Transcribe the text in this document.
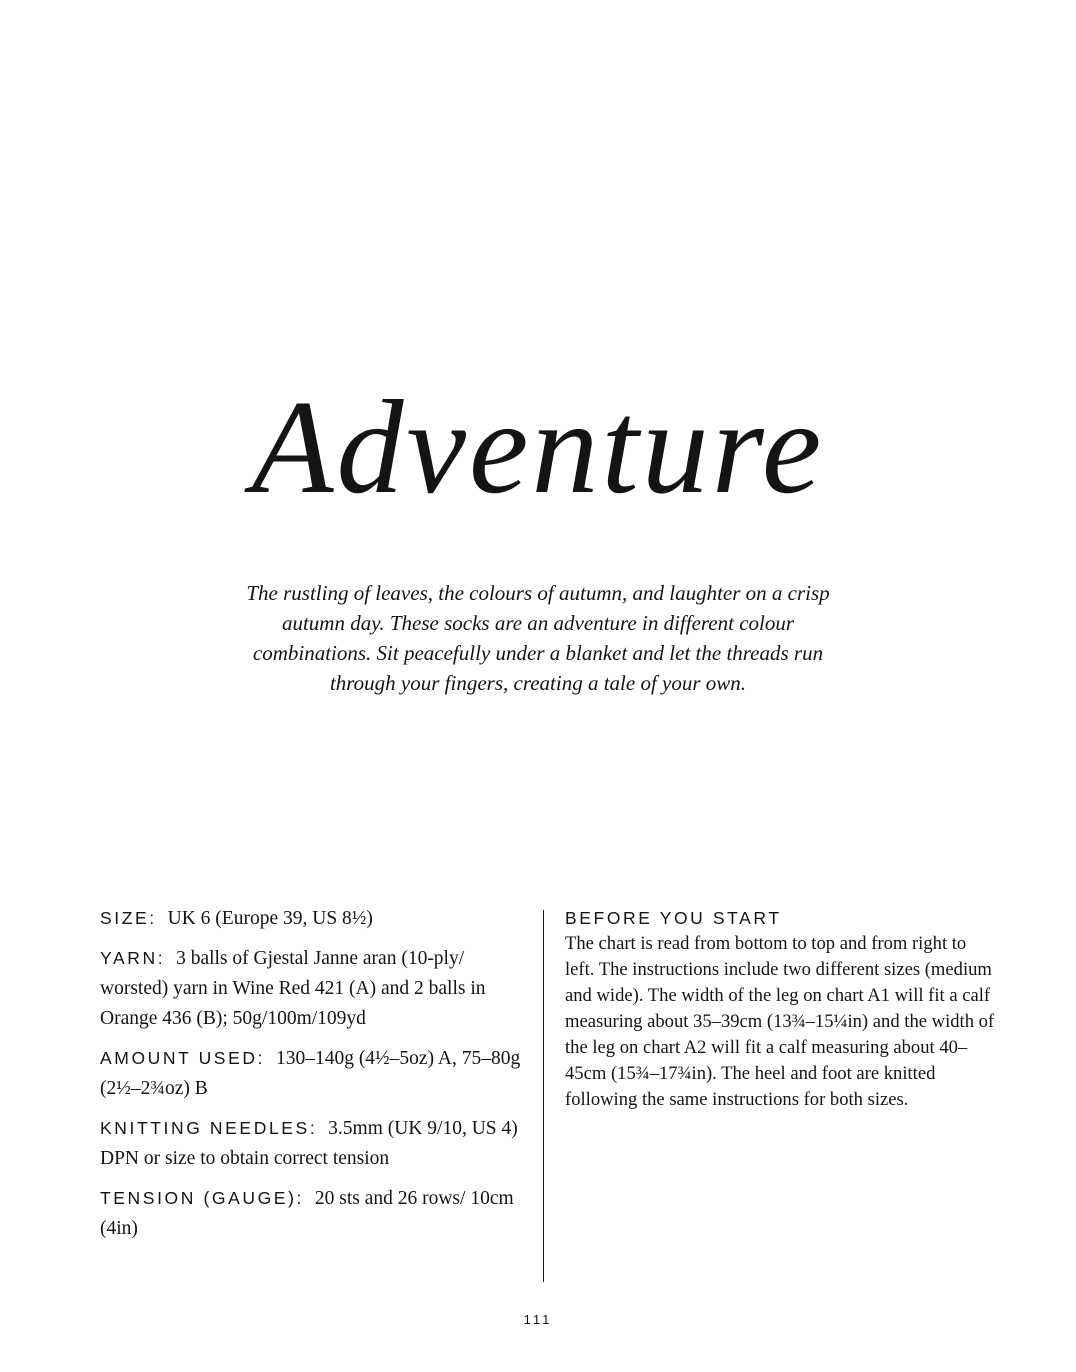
Adventure

The rustling of leaves, the colours of autumn, and laughter on a crisp autumn day. These socks are an adventure in different colour combinations. Sit peacefully under a blanket and let the threads run through your fingers, creating a tale of your own.

SIZE: UK 6 (Europe 39, US 8½)

YARN: 3 balls of Gjestal Janne aran (10-ply/ worsted) yarn in Wine Red 421 (A) and 2 balls in Orange 436 (B); 50g/100m/109yd

AMOUNT USED: 130–140g (4½–5oz) A, 75–80g (2½–2¾oz) B

KNITTING NEEDLES: 3.5mm (UK 9/10, US 4) DPN or size to obtain correct tension

TENSION (GAUGE): 20 sts and 26 rows/ 10cm (4in)

BEFORE YOU START

The chart is read from bottom to top and from right to left. The instructions include two different sizes (medium and wide). The width of the leg on chart A1 will fit a calf measuring about 35–39cm (13¾–15¼in) and the width of the leg on chart A2 will fit a calf measuring about 40–45cm (15¾–17¾in). The heel and foot are knitted following the same instructions for both sizes.

111
